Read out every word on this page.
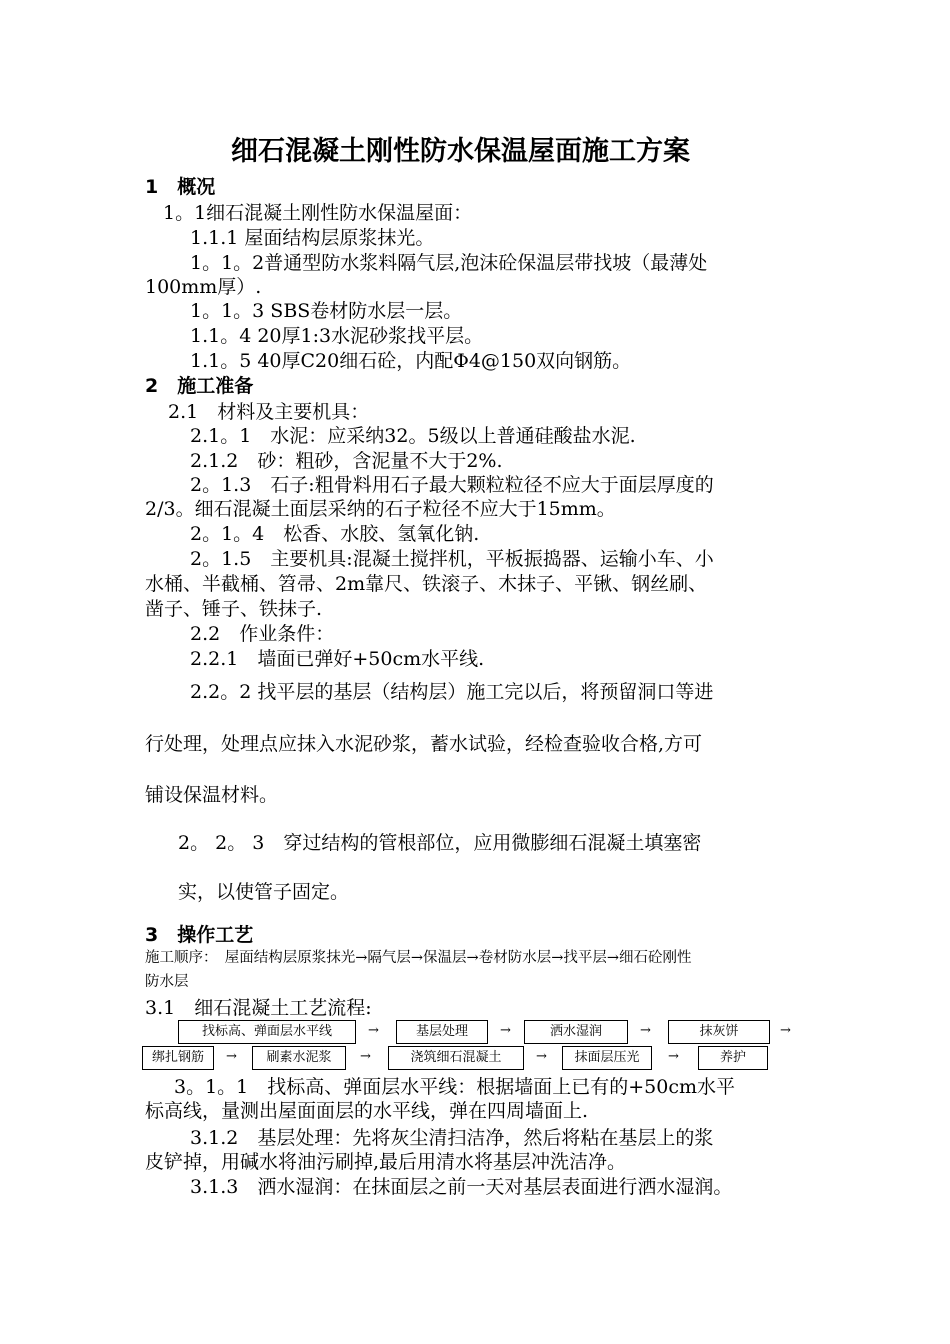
细石混凝土刚性防水保温屋面施工方案
1　概况
1。1细石混凝土刚性防水保温屋面：
1.1.1 屋面结构层原浆抹光。
1。1。2普通型防水浆料隔气层,泡沫砼保温层带找坡（最薄处
100mm厚）.
1。1。3 SBS卷材防水层一层。
1.1。4 20厚1:3水泥砂浆找平层。
1.1。5 40厚C20细石砼，内配Φ4@150双向钢筋。
2　施工准备
2.1　材料及主要机具：
2.1。1　水泥：应采纳32。5级以上普通硅酸盐水泥.
2.1.2　砂：粗砂，含泥量不大于2%.
2。1.3　石子:粗骨料用石子最大颗粒粒径不应大于面层厚度的
2/3。细石混凝土面层采纳的石子粒径不应大于15mm。
2。1。4　松香、水胶、氢氧化钠.
2。1.5　主要机具:混凝土搅拌机，平板振捣器、运输小车、小
水桶、半截桶、笤帚、2m靠尺、铁滚子、木抹子、平锹、钢丝刷、
凿子、锤子、铁抹子.
2.2　作业条件：
2.2.1　墙面已弹好+50cm水平线.
2.2。2 找平层的基层（结构层）施工完以后，将预留洞口等进
行处理，处理点应抹入水泥砂浆，蓄水试验，经检查验收合格,方可
铺设保温材料。
2。 2。 3　穿过结构的管根部位，应用微膨细石混凝土填塞密
实，以使管子固定。
3　操作工艺
施工顺序：　屋面结构层原浆抹光→隔气层→保温层→卷材防水层→找平层→细石砼刚性
防水层
3.1　细石混凝土工艺流程:
找标高、弹面层水平线	→	基层处理	→	洒水湿润	→	抹灰饼	→
绑扎钢筋	→	刷素水泥浆	→	浇筑细石混凝土	→	抹面层压光	→	养护
3。1。1　找标高、弹面层水平线：根据墙面上已有的+50cm水平
标高线，量测出屋面面层的水平线，弹在四周墙面上.
3.1.2　基层处理：先将灰尘清扫洁净，然后将粘在基层上的浆
皮铲掉，用碱水将油污刷掉,最后用清水将基层冲洗洁净。
3.1.3　洒水湿润：在抹面层之前一天对基层表面进行洒水湿润。
